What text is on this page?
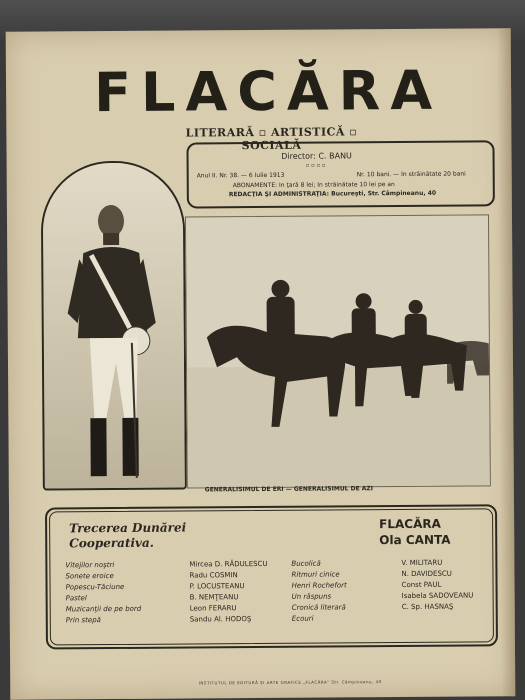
FLACĂRA
LITERARĂ ▫ ARTISTICĂ ▫ SOCIALĂ
Director: C. BANU
▫▫▫▫
Anul II. Nr. 38. — 6 Iulie 1913	Nr. 10 bani. — In străinătate 20 bani
ABONAMENTE: In ţară 8 lei; In străinătate 10 lei pe an
REDACŢIA ŞI ADMINISTRAŢIA: Bucureşti, Str. Câmpineanu, 40
GENERALISIMUL DE ERI — GENERALISIMUL DE AZI
Trecerea Dunărei
Cooperativa.
FLACĂRA
Ola CANTA
Vitejilor noştri	Mircea D. RĂDULESCU
Sonete eroice	Radu COSMIN
Popescu-Tăciune	P. LOCUSTEANU
Pastel	B. NEMŢEANU
Muzicanţii de pe bord	Leon FERARU
Prin stepă	Sandu Al. HODOŞ
Bucolică	V. MILITARU
Ritmuri cinice	N. DAVIDESCU
Henri Rochefort	Const PAUL
Un răspuns	Isabela SADOVEANU
Cronică literară	C. Sp. HASNAŞ
Ecouri
INSTITUTUL DE EDITURĂ ŞI ARTE GRAFICE „FLACĂRA" Str. Câmpineanu, 40
